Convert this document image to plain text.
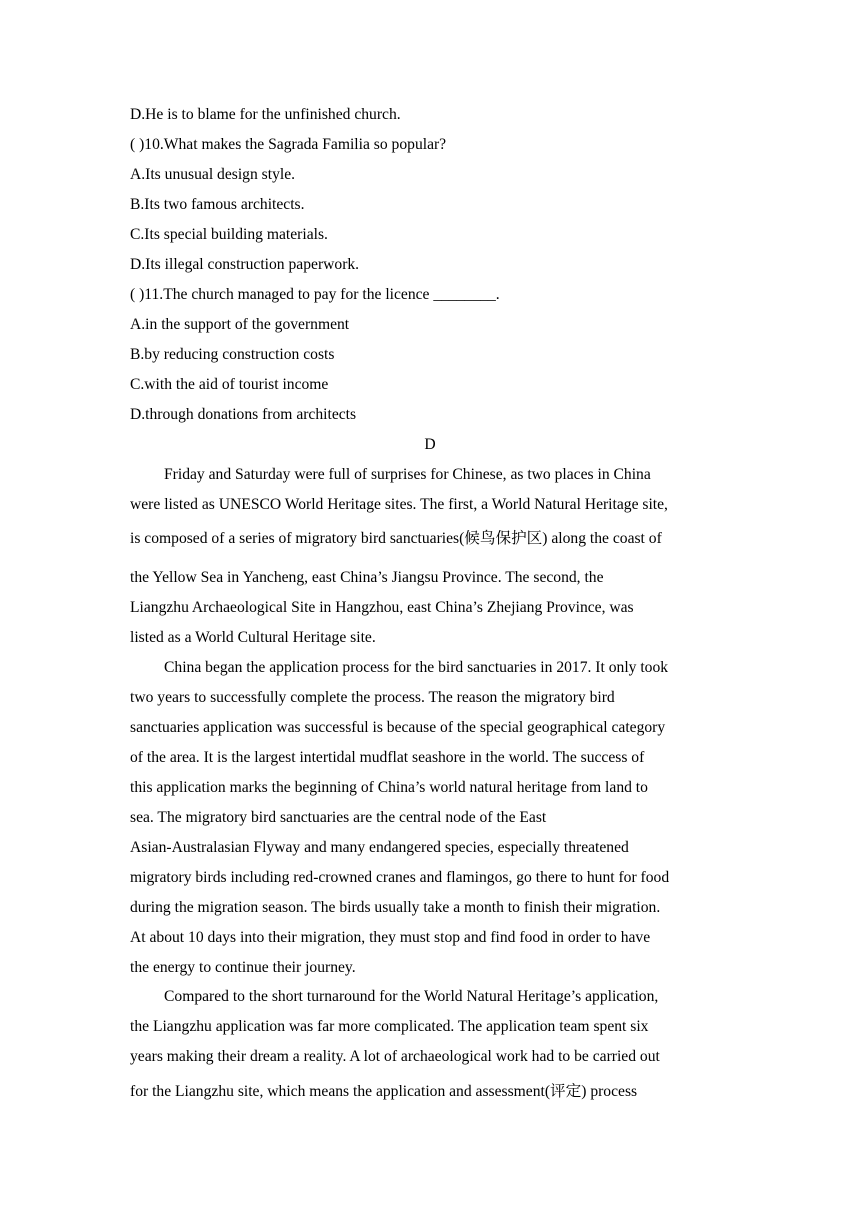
D.He is to blame for the unfinished church.
( )10.What makes the Sagrada Familia so popular?
A.Its unusual design style.
B.Its two famous architects.
C.Its special building materials.
D.Its illegal construction paperwork.
( )11.The church managed to pay for the licence ________.
A.in the support of the government
B.by reducing construction costs
C.with the aid of tourist income
D.through donations from architects
D
Friday and Saturday were full of surprises for Chinese, as two places in China
were listed as UNESCO World Heritage sites. The first, a World Natural Heritage site,
is composed of a series of migratory bird sanctuaries(候鸟保护区) along the coast of
the Yellow Sea in Yancheng, east China’s Jiangsu Province. The second, the
Liangzhu Archaeological Site in Hangzhou, east China’s Zhejiang Province, was
listed as a World Cultural Heritage site.
China began the application process for the bird sanctuaries in 2017. It only took
two years to successfully complete the process. The reason the migratory bird
sanctuaries application was successful is because of the special geographical category
of the area. It is the largest intertidal mudflat seashore in the world. The success of
this application marks the beginning of China’s world natural heritage from land to
sea. The migratory bird sanctuaries are the central node of the East
Asian-Australasian Flyway and many endangered species, especially threatened
migratory birds including red-crowned cranes and flamingos, go there to hunt for food
during the migration season. The birds usually take a month to finish their migration.
At about 10 days into their migration, they must stop and find food in order to have
the energy to continue their journey.
Compared to the short turnaround for the World Natural Heritage’s application,
the Liangzhu application was far more complicated. The application team spent six
years making their dream a reality. A lot of archaeological work had to be carried out
for the Liangzhu site, which means the application and assessment(评定) process
